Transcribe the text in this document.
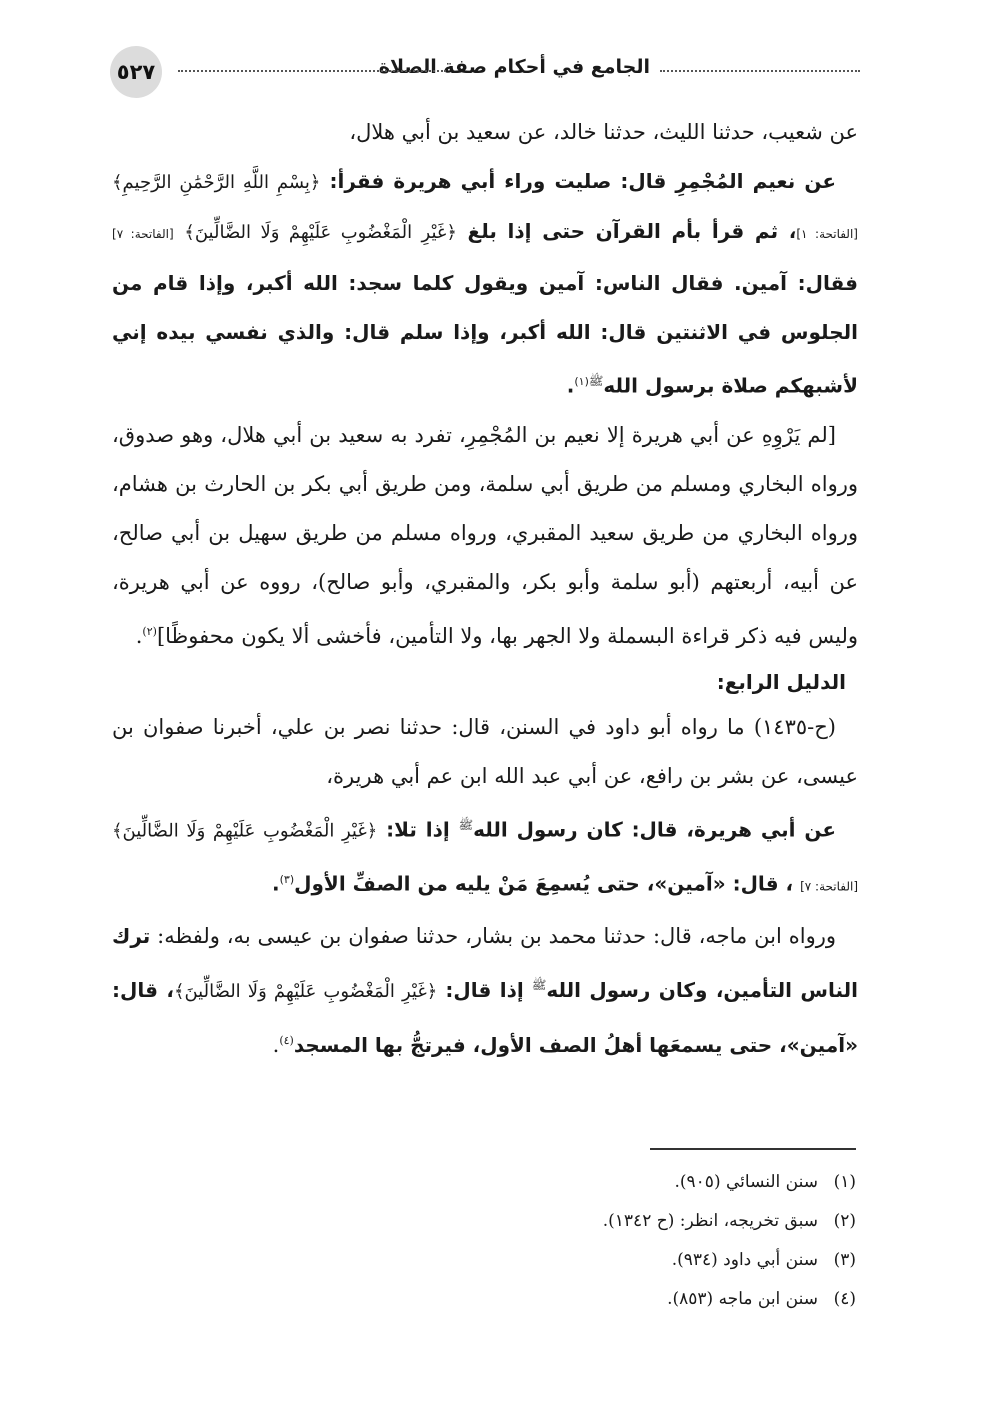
٥٢٧	الجامع في أحكام صفة الصلاة

عن شعيب، حدثنا الليث، حدثنا خالد، عن سعيد بن أبي هلال،

عن نعيم المُجْمِرِ قال: صليت وراء أبي هريرة فقرأ: ﴿بِسْمِ اللَّهِ الرَّحْمَٰنِ الرَّحِيمِ﴾ [الفاتحة: ١]، ثم قرأ بأم القرآن حتى إذا بلغ ﴿غَيْرِ الْمَغْضُوبِ عَلَيْهِمْ وَلَا الضَّالِّينَ﴾ [الفاتحة: ٧] فقال: آمين. فقال الناس: آمين ويقول كلما سجد: الله أكبر، وإذا قام من الجلوس في الاثنتين قال: الله أكبر، وإذا سلم قال: والذي نفسي بيده إني لأشبهكم صلاة برسول الله$^{ﷺ(١)}$.

[لم يَرْوِهِ عن أبي هريرة إلا نعيم بن المُجْمِرِ، تفرد به سعيد بن أبي هلال، وهو صدوق، ورواه البخاري ومسلم من طريق أبي سلمة، ومن طريق أبي بكر بن الحارث بن هشام، ورواه البخاري من طريق سعيد المقبري، ورواه مسلم من طريق سهيل بن أبي صالح، عن أبيه، أربعتهم (أبو سلمة وأبو بكر، والمقبري، وأبو صالح)، رووه عن أبي هريرة، وليس فيه ذكر قراءة البسملة ولا الجهر بها، ولا التأمين، فأخشى ألا يكون محفوظًا]$^{(٢)}$.

الدليل الرابع:

(ح-١٤٣٥) ما رواه أبو داود في السنن، قال: حدثنا نصر بن علي، أخبرنا صفوان بن عيسى، عن بشر بن رافع، عن أبي عبد الله ابن عم أبي هريرة،

عن أبي هريرة، قال: كان رسول الله$^ﷺ$ إذا تلا: ﴿غَيْرِ الْمَغْضُوبِ عَلَيْهِمْ وَلَا الضَّالِّينَ﴾[الفاتحة: ٧] ، قال: «آمين»، حتى يُسمِعَ مَنْ يليه من الصفِّ الأول$^{(٣)}$.

ورواه ابن ماجه، قال: حدثنا محمد بن بشار، حدثنا صفوان بن عيسى به، ولفظه: ترك الناس التأمين، وكان رسول الله$^ﷺ$ إذا قال: ﴿غَيْرِ الْمَغْضُوبِ عَلَيْهِمْ وَلَا الضَّالِّينَ﴾، قال: «آمين»، حتى يسمعَها أهلُ الصف الأول، فيرتجُّ بها المسجد$^{(٤)}$.

(١)
سنن النسائي (٩٠٥).
(٢)
سبق تخريجه، انظر: (ح ١٣٤٢).
(٣)
سنن أبي داود (٩٣٤).
(٤)
سنن ابن ماجه (٨٥٣).
